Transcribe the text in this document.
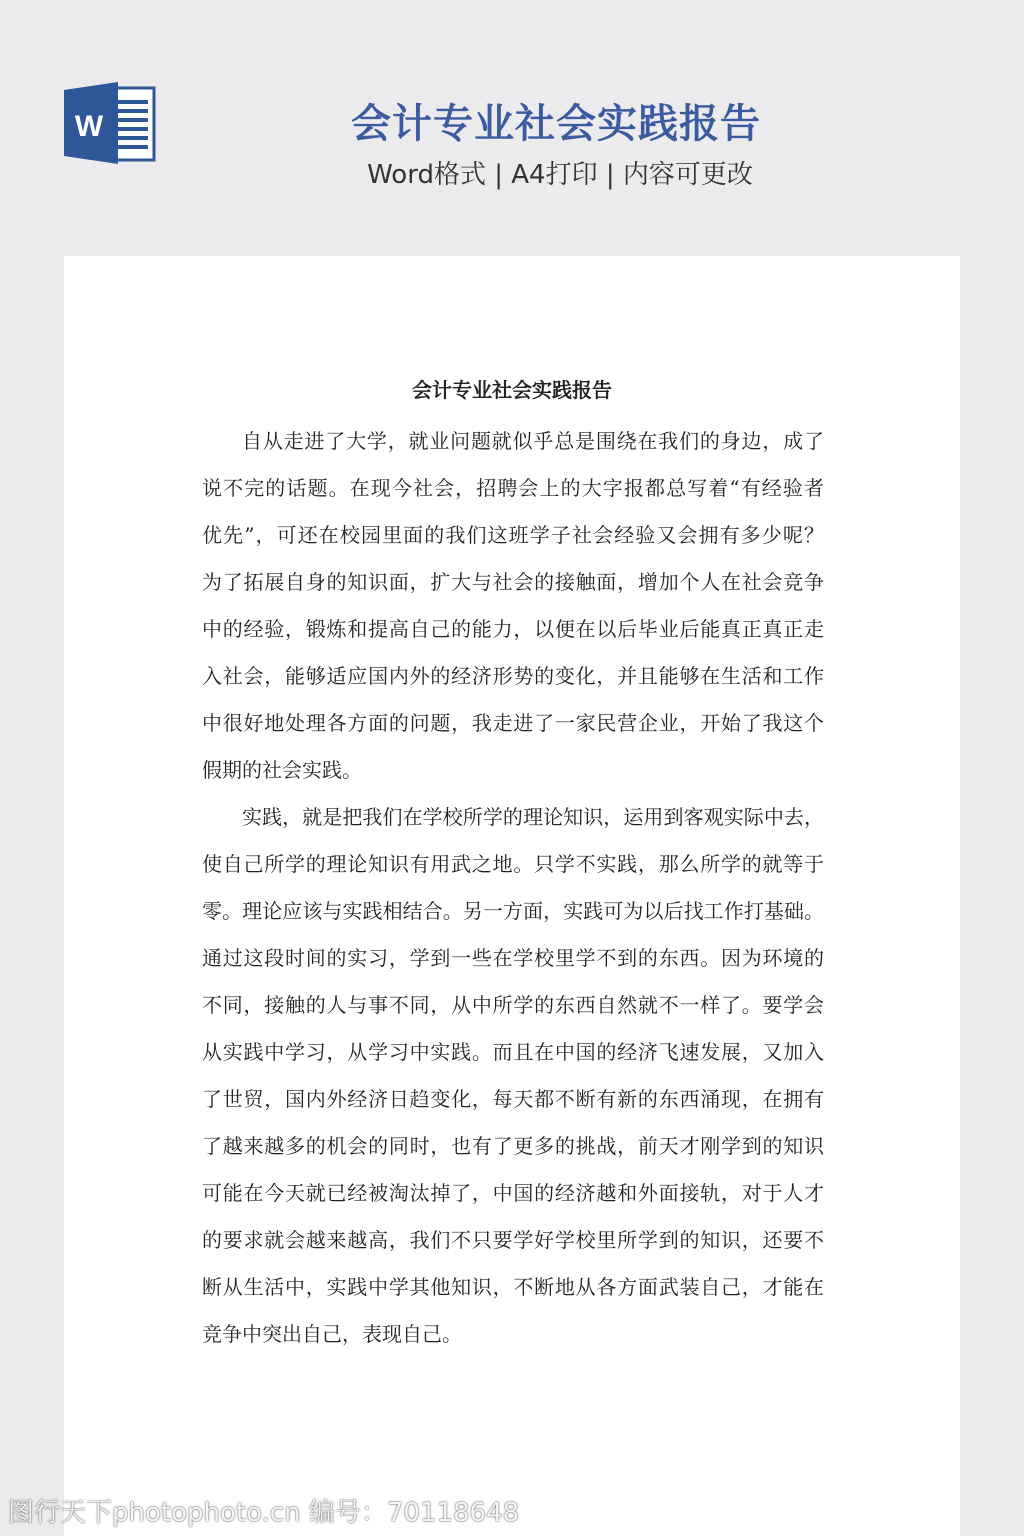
W	会计专业社会实践报告
Word格式 | A4打印 | 内容可更改
会计专业社会实践报告
自从走进了大学，就业问题就似乎总是围绕在我们的身边，成了
说不完的话题。在现今社会，招聘会上的大字报都总写着“有经验者
优先”，可还在校园里面的我们这班学子社会经验又会拥有多少呢？
为了拓展自身的知识面，扩大与社会的接触面，增加个人在社会竞争
中的经验，锻炼和提高自己的能力，以便在以后毕业后能真正真正走
入社会，能够适应国内外的经济形势的变化，并且能够在生活和工作
中很好地处理各方面的问题，我走进了一家民营企业，开始了我这个
假期的社会实践。
实践，就是把我们在学校所学的理论知识，运用到客观实际中去，
使自己所学的理论知识有用武之地。只学不实践，那么所学的就等于
零。理论应该与实践相结合。另一方面，实践可为以后找工作打基础。
通过这段时间的实习，学到一些在学校里学不到的东西。因为环境的
不同，接触的人与事不同，从中所学的东西自然就不一样了。要学会
从实践中学习，从学习中实践。而且在中国的经济飞速发展，又加入
了世贸，国内外经济日趋变化，每天都不断有新的东西涌现，在拥有
了越来越多的机会的同时，也有了更多的挑战，前天才刚学到的知识
可能在今天就已经被淘汰掉了，中国的经济越和外面接轨，对于人才
的要求就会越来越高，我们不只要学好学校里所学到的知识，还要不
断从生活中，实践中学其他知识，不断地从各方面武装自己，才能在
竞争中突出自己，表现自己。
图行天下photophoto.cn 编号：70118648
